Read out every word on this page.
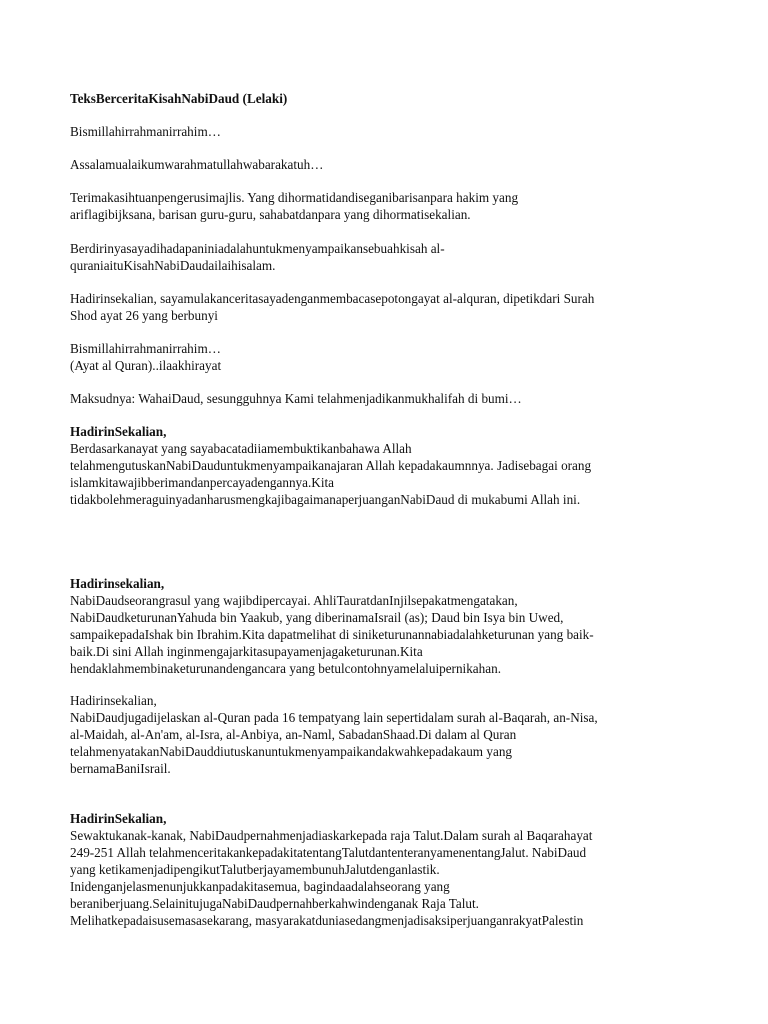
TeksBerceritaKisahNabiDaud (Lelaki)
Bismillahirrahmanirrahim…
Assalamualaikumwarahmatullahwabarakatuh…
Terimakasihtuanpengerusimajlis. Yang dihormatidandiseganibarisanpara hakim yang
ariflagibijksana, barisan guru-guru, sahabatdanpara yang dihormatisekalian.
Berdirinyasayadihadapaniniadalahuntukmenyampaikansebuahkisah al-
quraniaituKisahNabiDaudailaihisalam.
Hadirinsekalian, sayamulakanceritasayadenganmembacasepotongayat al-alquran, dipetikdari Surah
Shod ayat 26 yang berbunyi
Bismillahirrahmanirrahim…
(Ayat al Quran)..ilaakhirayat
Maksudnya: WahaiDaud, sesungguhnya Kami telahmenjadikanmukhalifah di bumi…
HadirinSekalian,
Berdasarkanayat yang sayabacatadiiamembuktikanbahawa Allah
telahmengutuskanNabiDauduntukmenyampaikanajaran Allah kepadakaumnnya. Jadisebagai orang
islamkitawajibberimandanpercayadengannya.Kita
tidakbolehmeraguinyadanharusmengkajibagaimanaperjuanganNabiDaud di mukabumi Allah ini.
Hadirinsekalian,
NabiDaudseorangrasul yang wajibdipercayai. AhliTauratdanInjilsepakatmengatakan,
NabiDaudketurunanYahuda bin Yaakub, yang diberinamaIsrail (as); Daud bin Isya bin Uwed,
sampaikepadaIshak bin Ibrahim.Kita dapatmelihat di siniketurunannabiadalahketurunan yang baik-
baik.Di sini Allah inginmengajarkitasupayamenjagaketurunan.Kita
hendaklahmembinaketurunandengancara yang betulcontohnyamelaluipernikahan.
Hadirinsekalian,
NabiDaudjugadijelaskan al-Quran pada 16 tempatyang lain sepertidalam surah al-Baqarah, an-Nisa,
al-Maidah, al-An'am, al-Isra, al-Anbiya, an-Naml, SabadanShaad.Di dalam al Quran
telahmenyatakanNabiDauddiutuskanuntukmenyampaikandakwahkepadakaum yang
bernamaBaniIsrail.
HadirinSekalian,
Sewaktukanak-kanak, NabiDaudpernahmenjadiaskarkepada raja Talut.Dalam surah al Baqarahayat
249-251 Allah telahmenceritakankepadakitatentangTalutdantenteranyamenentangJalut. NabiDaud
yang ketikamenjadipengikutTalutberjayamembunuhJalutdenganlastik.
Inidenganjelasmenunjukkanpadakitasemua, bagindaadalahseorang yang
beraniberjuang.SelainitujugaNabiDaudpernahberkahwindenganak Raja Talut.
Melihatkepadaisusemasasekarang, masyarakatduniasedangmenjadisaksiperjuanganrakyatPalestin
